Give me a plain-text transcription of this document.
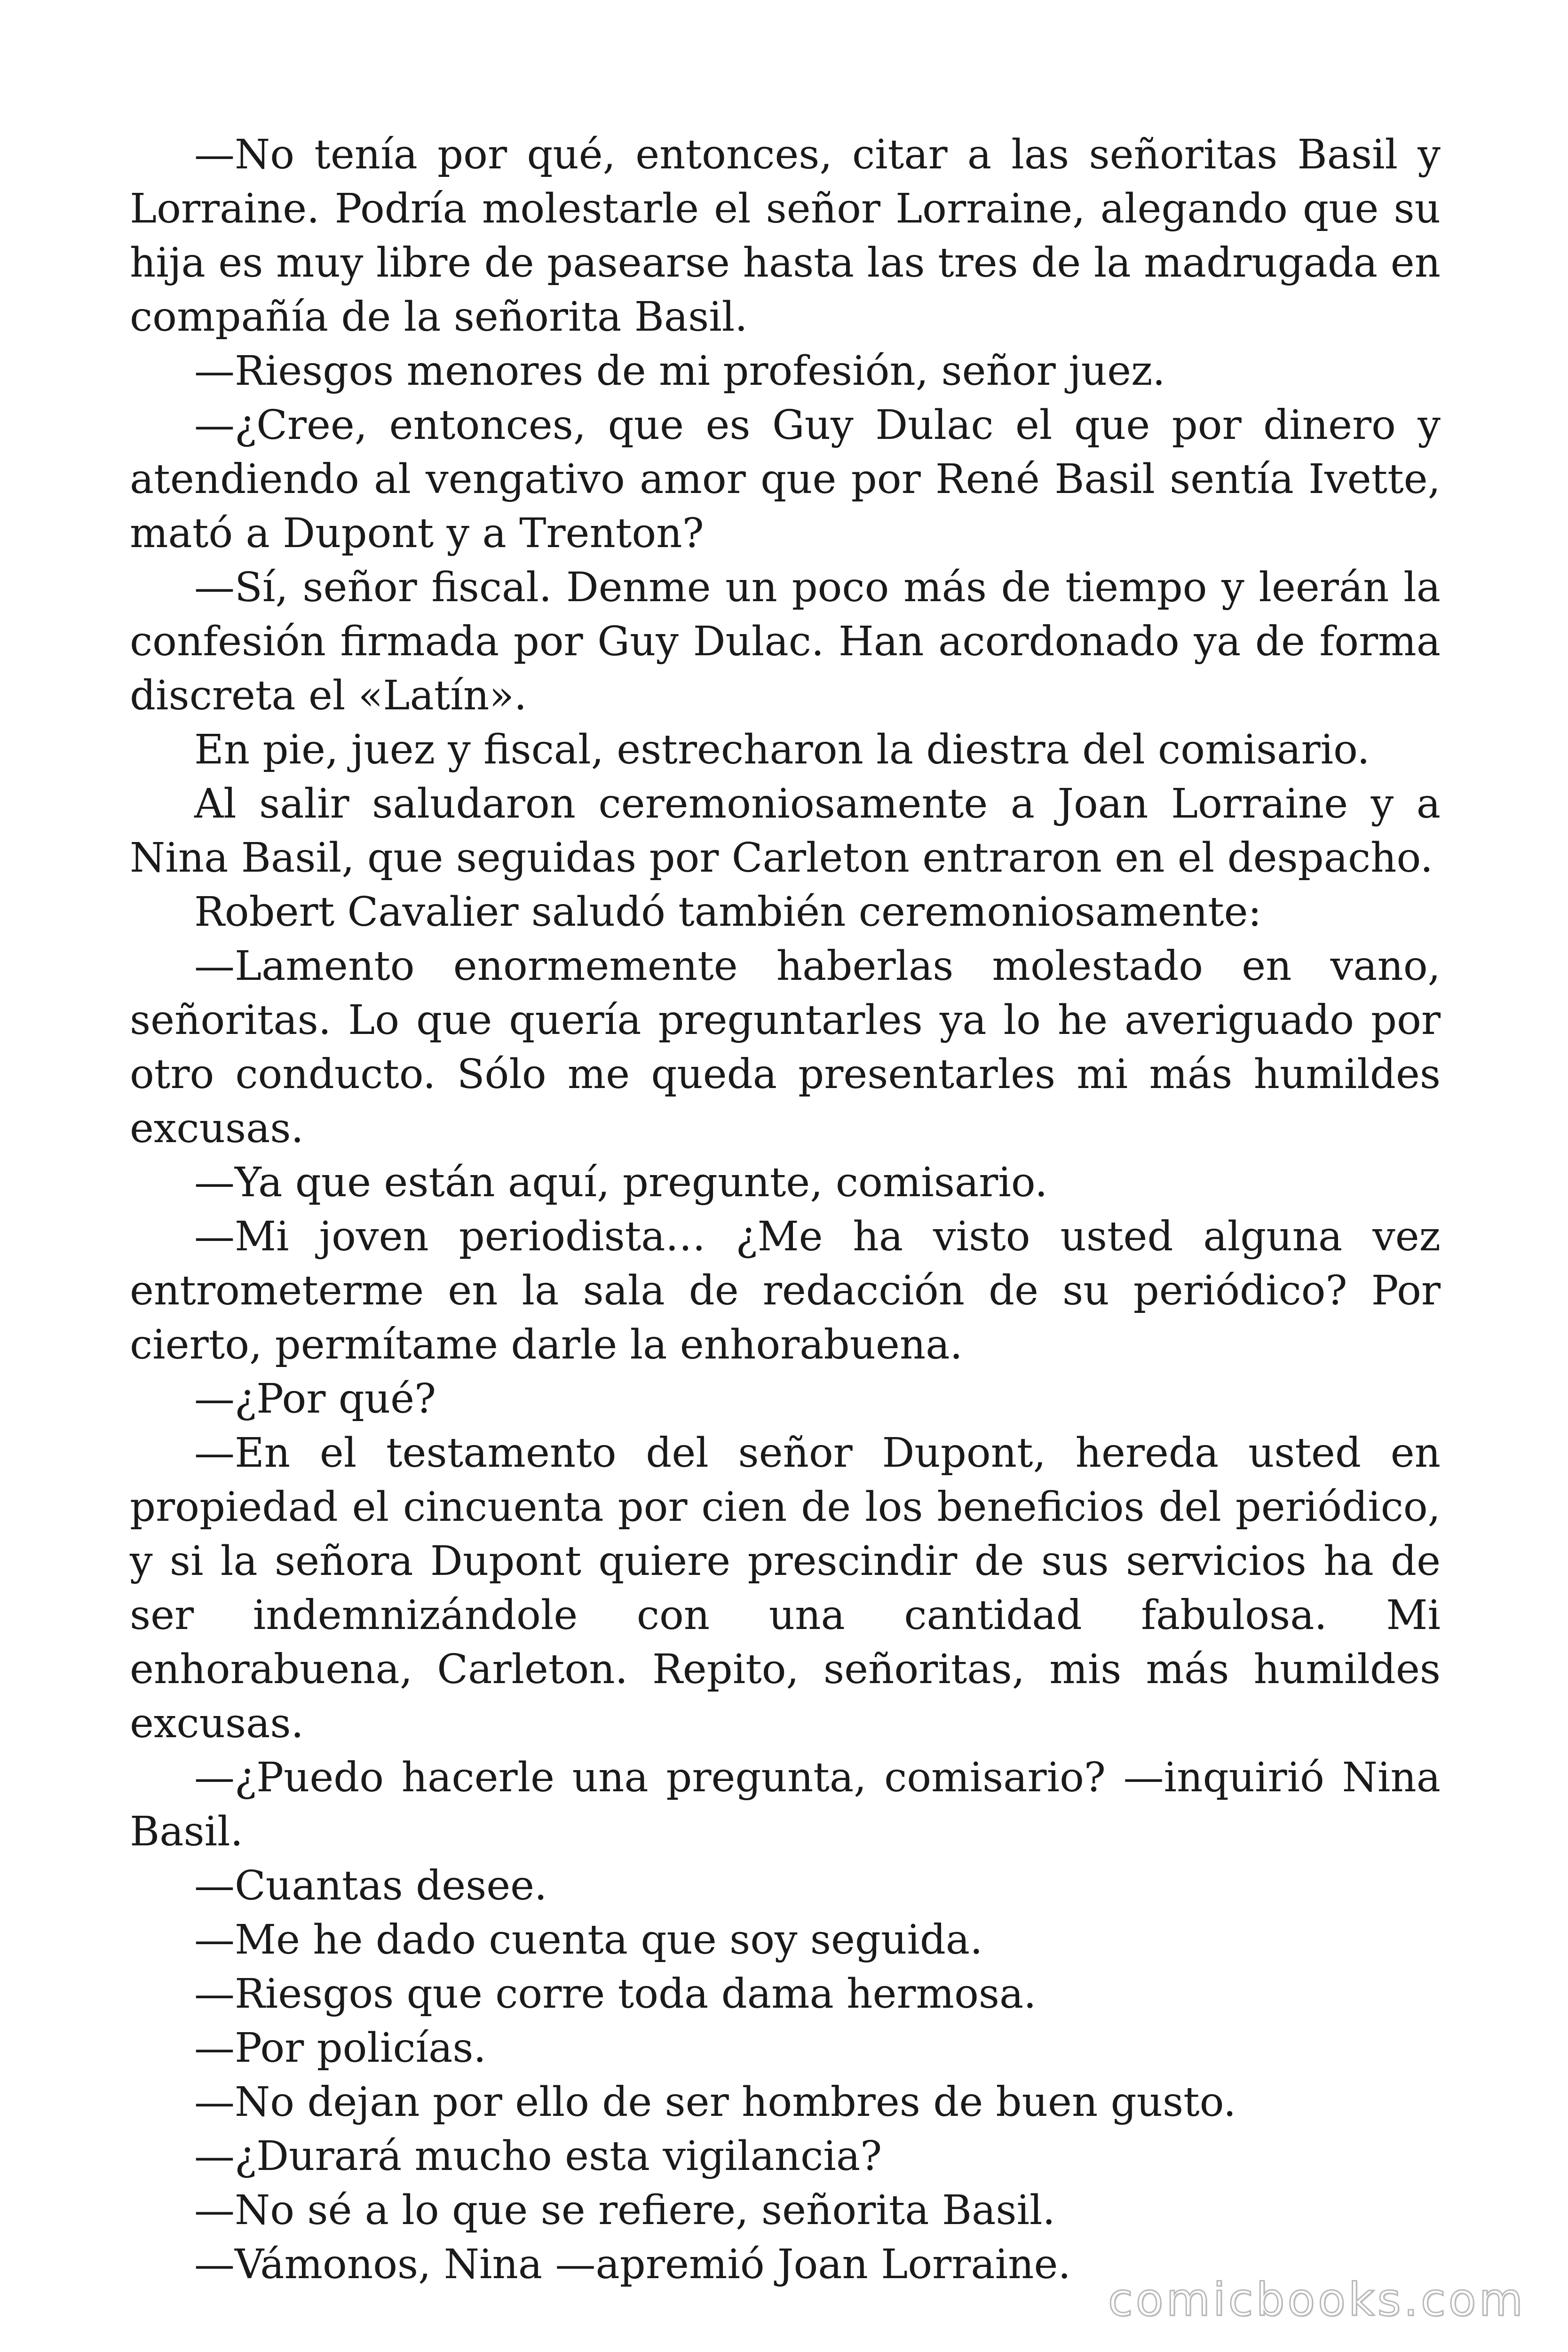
—No tenía por qué, entonces, citar a las señoritas Basil y Lorraine. Podría molestarle el señor Lorraine, alegando que su hija es muy libre de pasearse hasta las tres de la madrugada en compañía de la señorita Basil.

—Riesgos menores de mi profesión, señor juez.

—¿Cree, entonces, que es Guy Dulac el que por dinero y atendiendo al vengativo amor que por René Basil sentía Ivette, mató a Dupont y a Trenton?

—Sí, señor fiscal. Denme un poco más de tiempo y leerán la confesión firmada por Guy Dulac. Han acordonado ya de forma discreta el «Latín».

En pie, juez y fiscal, estrecharon la diestra del comisario.

Al salir saludaron ceremoniosamente a Joan Lorraine y a Nina Basil, que seguidas por Carleton entraron en el despacho.

Robert Cavalier saludó también ceremoniosamente:

—Lamento enormemente haberlas molestado en vano, señoritas. Lo que quería preguntarles ya lo he averiguado por otro conducto. Sólo me queda presentarles mi más humildes excusas.

—Ya que están aquí, pregunte, comisario.

—Mi joven periodista… ¿Me ha visto usted alguna vez entrometerme en la sala de redacción de su periódico? Por cierto, permítame darle la enhorabuena.

—¿Por qué?

—En el testamento del señor Dupont, hereda usted en propiedad el cincuenta por cien de los beneficios del periódico, y si la señora Dupont quiere prescindir de sus servicios ha de ser indemnizándole con una cantidad fabulosa. Mi enhorabuena, Carleton. Repito, señoritas, mis más humildes excusas.

—¿Puedo hacerle una pregunta, comisario? —inquirió Nina Basil.

—Cuantas desee.

—Me he dado cuenta que soy seguida.

—Riesgos que corre toda dama hermosa.

—Por policías.

—No dejan por ello de ser hombres de buen gusto.

—¿Durará mucho esta vigilancia?

—No sé a lo que se refiere, señorita Basil.

—Vámonos, Nina —apremió Joan Lorraine.

comicbooks.com
